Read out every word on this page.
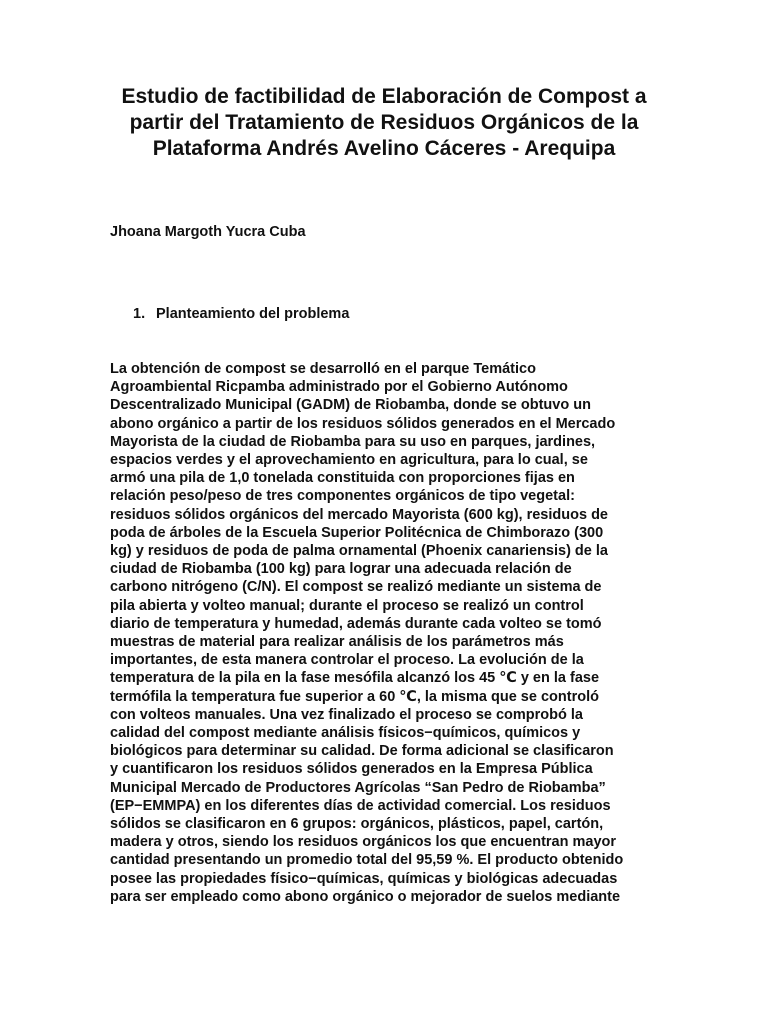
Estudio de factibilidad de Elaboración de Compost a partir del Tratamiento de Residuos Orgánicos de la Plataforma Andrés Avelino Cáceres - Arequipa

Jhoana Margoth Yucra Cuba

1. Planteamiento del problema

La obtención de compost se desarrolló en el parque Temático
Agroambiental Ricpamba administrado por el Gobierno Autónomo
Descentralizado Municipal (GADM) de Riobamba, donde se obtuvo un
abono orgánico a partir de los residuos sólidos generados en el Mercado
Mayorista de la ciudad de Riobamba para su uso en parques, jardines,
espacios verdes y el aprovechamiento en agricultura, para lo cual, se
armó una pila de 1,0 tonelada constituida con proporciones fijas en
relación peso/peso de tres componentes orgánicos de tipo vegetal:
residuos sólidos orgánicos del mercado Mayorista (600 kg), residuos de
poda de árboles de la Escuela Superior Politécnica de Chimborazo (300
kg) y residuos de poda de palma ornamental (Phoenix canariensis) de la
ciudad de Riobamba (100 kg) para lograr una adecuada relación de
carbono nitrógeno (C/N). El compost se realizó mediante un sistema de
pila abierta y volteo manual; durante el proceso se realizó un control
diario de temperatura y humedad, además durante cada volteo se tomó
muestras de material para realizar análisis de los parámetros más
importantes, de esta manera controlar el proceso. La evolución de la
temperatura de la pila en la fase mesófila alcanzó los 45 ℃ y en la fase
termófila la temperatura fue superior a 60 ℃, la misma que se controló
con volteos manuales. Una vez finalizado el proceso se comprobó la
calidad del compost mediante análisis físicos−químicos, químicos y
biológicos para determinar su calidad. De forma adicional se clasificaron
y cuantificaron los residuos sólidos generados en la Empresa Pública
Municipal Mercado de Productores Agrícolas “San Pedro de Riobamba”
(EP−EMMPA) en los diferentes días de actividad comercial. Los residuos
sólidos se clasificaron en 6 grupos: orgánicos, plásticos, papel, cartón,
madera y otros, siendo los residuos orgánicos los que encuentran mayor
cantidad presentando un promedio total del 95,59 %. El producto obtenido
posee las propiedades físico−químicas, químicas y biológicas adecuadas
para ser empleado como abono orgánico o mejorador de suelos mediante
